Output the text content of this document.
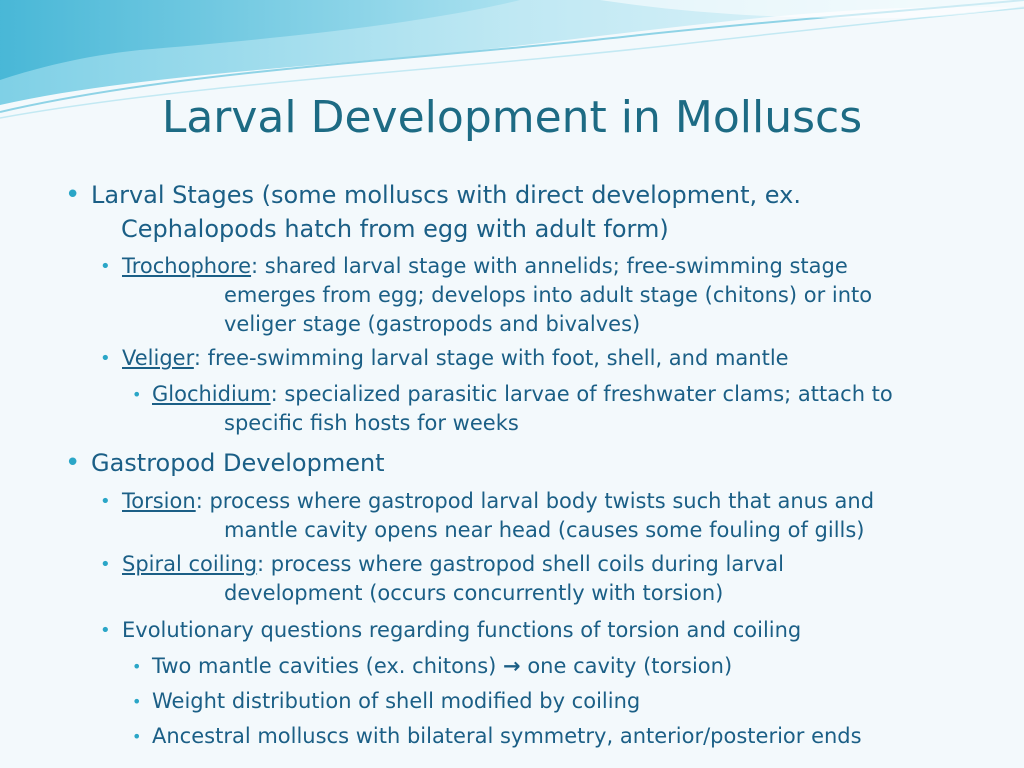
Larval Development in Molluscs
• Larval Stages (some molluscs with direct development, ex.
Cephalopods hatch from egg with adult form)
• Trochophore: shared larval stage with annelids; free-swimming stage
emerges from egg; develops into adult stage (chitons) or into
veliger stage (gastropods and bivalves)
• Veliger: free-swimming larval stage with foot, shell, and mantle
• Glochidium: specialized parasitic larvae of freshwater clams; attach to
specific fish hosts for weeks
• Gastropod Development
• Torsion: process where gastropod larval body twists such that anus and
mantle cavity opens near head (causes some fouling of gills)
• Spiral coiling: process where gastropod shell coils during larval
development (occurs concurrently with torsion)
• Evolutionary questions regarding functions of torsion and coiling
• Two mantle cavities (ex. chitons) → one cavity (torsion)
• Weight distribution of shell modified by coiling
• Ancestral molluscs with bilateral symmetry, anterior/posterior ends
